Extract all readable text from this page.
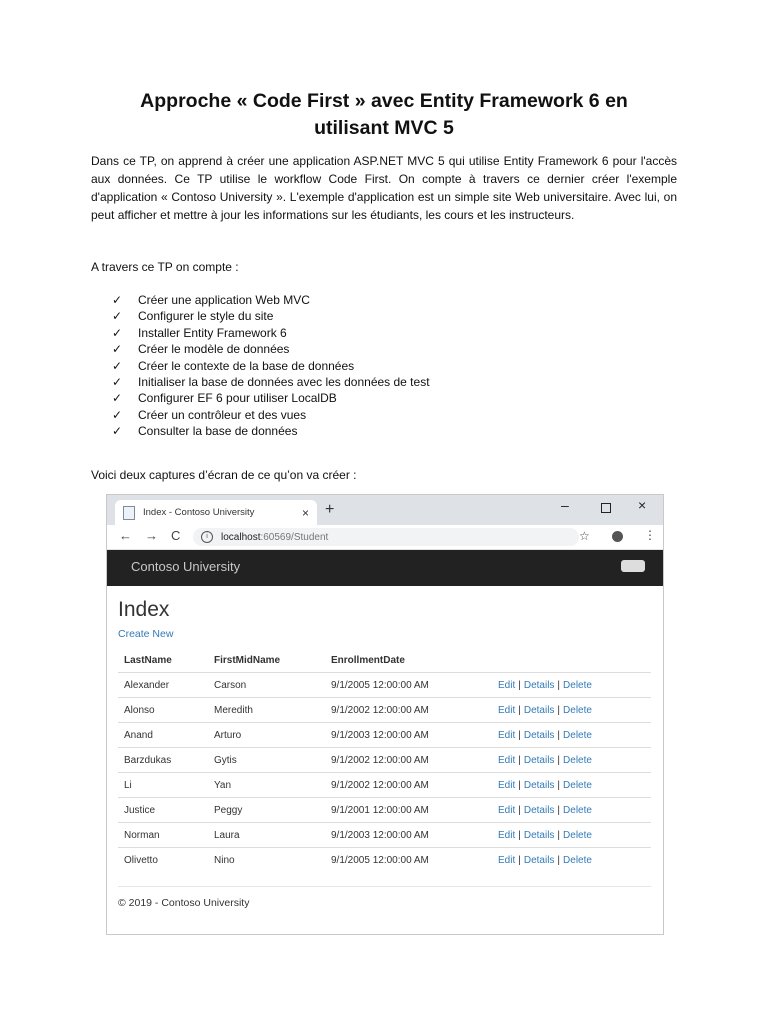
Approche « Code First » avec Entity Framework 6 en
utilisant MVC 5

Dans ce TP, on apprend à créer une application ASP.NET MVC 5 qui utilise Entity Framework 6 pour l'accès aux données. Ce TP utilise le workflow Code First. On compte à travers ce dernier créer l'exemple d'application « Contoso University ». L'exemple d'application est un simple site Web universitaire. Avec lui, on peut afficher et mettre à jour les informations sur les étudiants, les cours et les instructeurs.

A travers ce TP on compte :

✓	Créer une application Web MVC
✓	Configurer le style du site
✓	Installer Entity Framework 6
✓	Créer le modèle de données
✓	Créer le contexte de la base de données
✓	Initialiser la base de données avec les données de test
✓	Configurer EF 6 pour utiliser LocalDB
✓	Créer un contrôleur et des vues
✓	Consulter la base de données

Voici deux captures d’écran de ce qu’on va créer :

Index - Contoso University	× +	–	×
← → C	i	localhost :60569/Student	☆	⋮
Contoso University
Index
Create New
LastName	FirstMidName	EnrollmentDate	
Alexander	Carson	9/1/2005 12:00:00 AM	Edit | Details | Delete
Alonso	Meredith	9/1/2002 12:00:00 AM	Edit | Details | Delete
Anand	Arturo	9/1/2003 12:00:00 AM	Edit | Details | Delete
Barzdukas	Gytis	9/1/2002 12:00:00 AM	Edit | Details | Delete
Li	Yan	9/1/2002 12:00:00 AM	Edit | Details | Delete
Justice	Peggy	9/1/2001 12:00:00 AM	Edit | Details | Delete
Norman	Laura	9/1/2003 12:00:00 AM	Edit | Details | Delete
Olivetto	Nino	9/1/2005 12:00:00 AM	Edit | Details | Delete
© 2019 - Contoso University
